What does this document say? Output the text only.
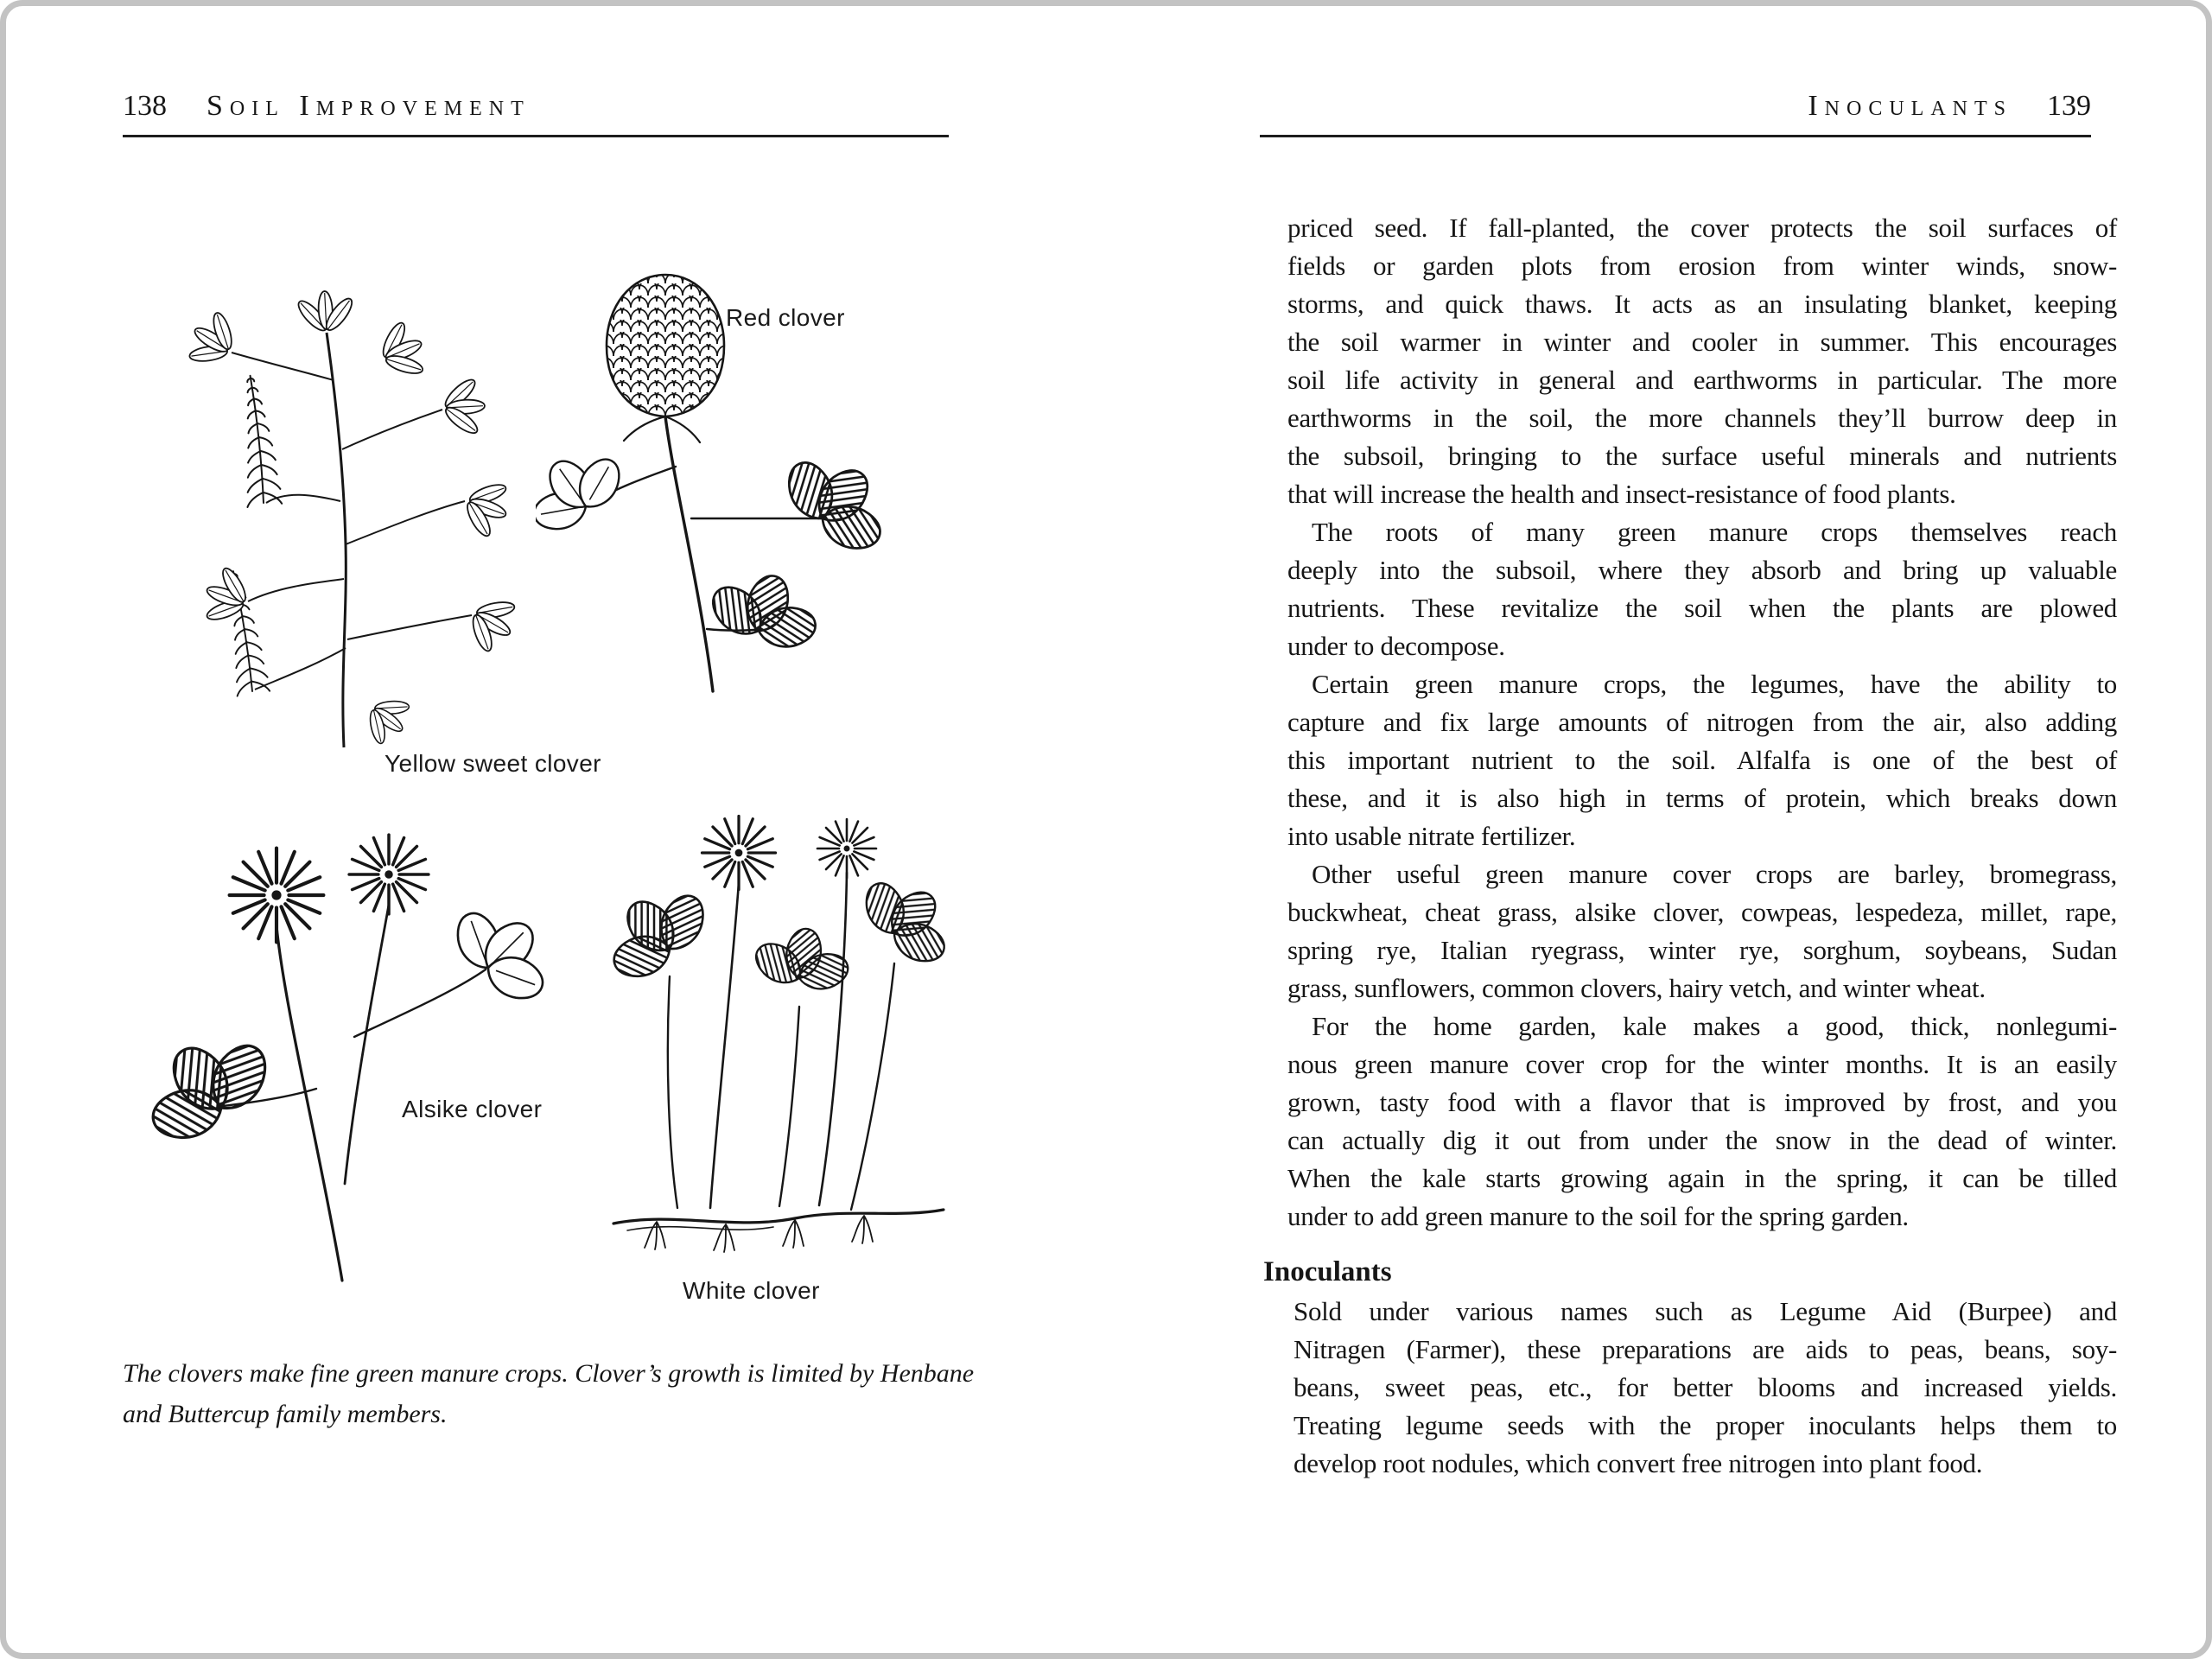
138 Soil Improvement
Red clover
Yellow sweet clover
Alsike clover
White clover
The clovers make fine green manure crops. Clover’s growth is limited by Henbane
and Buttercup family members.
Inoculants 139
priced seed. If fall-planted, the cover protects the soil surfaces of
fields or garden plots from erosion from winter winds, snow-
storms, and quick thaws. It acts as an insulating blanket, keeping
the soil warmer in winter and cooler in summer. This encourages
soil life activity in general and earthworms in particular. The more
earthworms in the soil, the more channels they’ll burrow deep in
the subsoil, bringing to the surface useful minerals and nutrients
that will increase the health and insect-resistance of food plants.
The roots of many green manure crops themselves reach
deeply into the subsoil, where they absorb and bring up valuable
nutrients. These revitalize the soil when the plants are plowed
under to decompose.
Certain green manure crops, the legumes, have the ability to
capture and fix large amounts of nitrogen from the air, also adding
this important nutrient to the soil. Alfalfa is one of the best of
these, and it is also high in terms of protein, which breaks down
into usable nitrate fertilizer.
Other useful green manure cover crops are barley, bromegrass,
buckwheat, cheat grass, alsike clover, cowpeas, lespedeza, millet, rape,
spring rye, Italian ryegrass, winter rye, sorghum, soybeans, Sudan
grass, sunflowers, common clovers, hairy vetch, and winter wheat.
For the home garden, kale makes a good, thick, nonlegumi-
nous green manure cover crop for the winter months. It is an easily
grown, tasty food with a flavor that is improved by frost, and you
can actually dig it out from under the snow in the dead of winter.
When the kale starts growing again in the spring, it can be tilled
under to add green manure to the soil for the spring garden.
Inoculants
Sold under various names such as Legume Aid (Burpee) and
Nitragen (Farmer), these preparations are aids to peas, beans, soy-
beans, sweet peas, etc., for better blooms and increased yields.
Treating legume seeds with the proper inoculants helps them to
develop root nodules, which convert free nitrogen into plant food.
